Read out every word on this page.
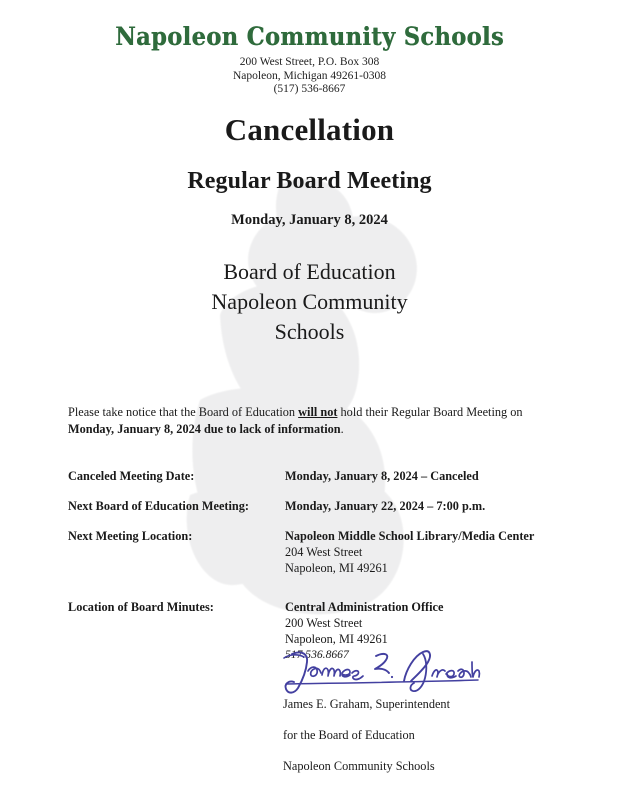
Napoleon Community Schools
200 West Street, P.O. Box 308
Napoleon, Michigan 49261-0308
(517) 536-8667
Cancellation
Regular Board Meeting
Monday, January 8, 2024
Board of Education
Napoleon Community
Schools

Please take notice that the Board of Education will not hold their Regular Board Meeting on Monday, January 8, 2024 due to lack of information.

Canceled Meeting Date:	Monday, January 8, 2024 – Canceled
Next Board of Education Meeting:	Monday, January 22, 2024 – 7:00 p.m.
Next Meeting Location:	Napoleon Middle School Library/Media Center
204 West Street
Napoleon, MI 49261
Location of Board Minutes:	Central Administration Office
200 West Street
Napoleon, MI 49261
517.536.8667

James E. Graham, Superintendent

for the Board of Education

Napoleon Community Schools
